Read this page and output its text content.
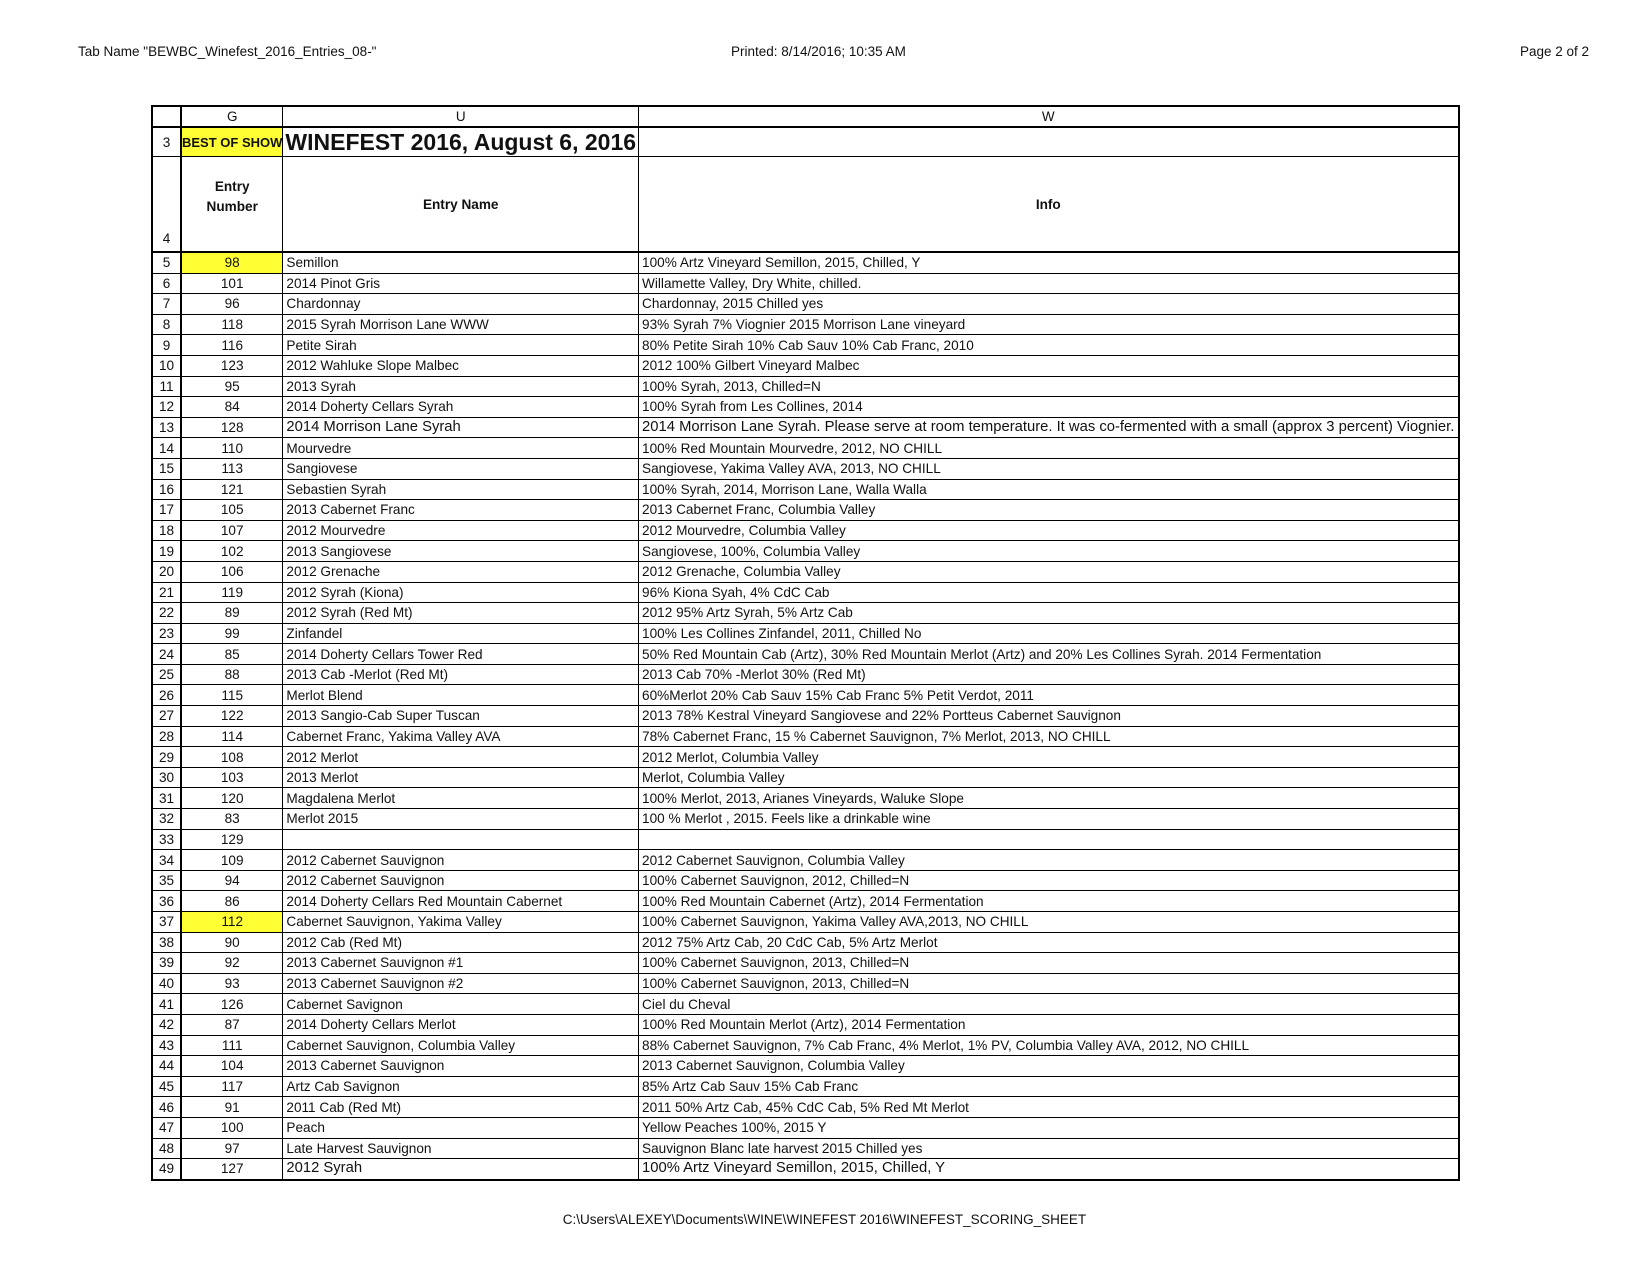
Tab Name "BEWBC_Winefest_2016_Entries_08-"	Printed: 8/14/2016; 10:35 AM	Page 2 of 2
	G	U	W
3	BEST OF SHOW	WINEFEST 2016, August 6, 2016	
4	Entry
Number	Entry Name	Info
5	98	Semillon	100% Artz Vineyard Semillon, 2015, Chilled, Y
6	101	2014 Pinot Gris	Willamette Valley, Dry White, chilled.
7	96	Chardonnay	Chardonnay, 2015 Chilled yes
8	118	2015 Syrah Morrison Lane WWW	93% Syrah 7% Viognier 2015 Morrison Lane vineyard
9	116	Petite Sirah	80% Petite Sirah 10% Cab Sauv 10% Cab Franc, 2010
10	123	2012 Wahluke Slope Malbec	2012 100% Gilbert Vineyard Malbec
11	95	2013 Syrah	100% Syrah, 2013, Chilled=N
12	84	2014 Doherty Cellars Syrah	100% Syrah from Les Collines, 2014
13	128	2014 Morrison Lane Syrah	2014 Morrison Lane Syrah. Please serve at room temperature. It was co-fermented with a small (approx 3 percent) Viognier.
14	110	Mourvedre	100% Red Mountain Mourvedre, 2012, NO CHILL
15	113	Sangiovese	Sangiovese, Yakima Valley AVA, 2013, NO CHILL
16	121	Sebastien Syrah	100% Syrah, 2014, Morrison Lane, Walla Walla
17	105	2013 Cabernet Franc	2013 Cabernet Franc, Columbia Valley
18	107	2012 Mourvedre	2012 Mourvedre, Columbia Valley
19	102	2013 Sangiovese	Sangiovese, 100%, Columbia Valley
20	106	2012 Grenache	2012 Grenache, Columbia Valley
21	119	2012 Syrah (Kiona)	96% Kiona Syah, 4% CdC Cab
22	89	2012 Syrah (Red Mt)	2012 95% Artz Syrah, 5% Artz Cab
23	99	Zinfandel	100% Les Collines Zinfandel, 2011, Chilled No
24	85	2014 Doherty Cellars Tower Red	50% Red Mountain Cab (Artz), 30% Red Mountain Merlot (Artz) and 20% Les Collines Syrah. 2014 Fermentation
25	88	2013 Cab -Merlot (Red Mt)	2013 Cab 70% -Merlot 30% (Red Mt)
26	115	Merlot Blend	60%Merlot 20% Cab Sauv 15% Cab Franc 5% Petit Verdot, 2011
27	122	2013 Sangio-Cab Super Tuscan	2013 78% Kestral Vineyard Sangiovese and 22% Portteus Cabernet Sauvignon
28	114	Cabernet Franc, Yakima Valley AVA	78% Cabernet Franc, 15 % Cabernet Sauvignon, 7% Merlot, 2013, NO CHILL
29	108	2012 Merlot	2012 Merlot, Columbia Valley
30	103	2013 Merlot	Merlot, Columbia Valley
31	120	Magdalena Merlot	100% Merlot, 2013, Arianes Vineyards, Waluke Slope
32	83	Merlot 2015	100 % Merlot , 2015. Feels like a drinkable wine
33	129		
34	109	2012 Cabernet Sauvignon	2012 Cabernet Sauvignon, Columbia Valley
35	94	2012 Cabernet Sauvignon	100% Cabernet Sauvignon, 2012, Chilled=N
36	86	2014 Doherty Cellars Red Mountain Cabernet	100% Red Mountain Cabernet (Artz), 2014 Fermentation
37	112	Cabernet Sauvignon, Yakima Valley	100% Cabernet Sauvignon, Yakima Valley AVA,2013, NO CHILL
38	90	2012 Cab (Red Mt)	2012 75% Artz Cab, 20 CdC Cab, 5% Artz Merlot
39	92	2013 Cabernet Sauvignon #1	100% Cabernet Sauvignon, 2013, Chilled=N
40	93	2013 Cabernet Sauvignon #2	100% Cabernet Sauvignon, 2013, Chilled=N
41	126	Cabernet Savignon	Ciel du Cheval
42	87	2014 Doherty Cellars Merlot	100% Red Mountain Merlot (Artz), 2014 Fermentation
43	111	Cabernet Sauvignon, Columbia Valley	88% Cabernet Sauvignon, 7% Cab Franc, 4% Merlot, 1% PV, Columbia Valley AVA, 2012, NO CHILL
44	104	2013 Cabernet Sauvignon	2013 Cabernet Sauvignon, Columbia Valley
45	117	Artz Cab Savignon	85% Artz Cab Sauv 15% Cab Franc
46	91	2011 Cab (Red Mt)	2011 50% Artz Cab, 45% CdC Cab, 5% Red Mt Merlot
47	100	Peach	Yellow Peaches 100%, 2015 Y
48	97	Late Harvest Sauvignon	Sauvignon Blanc late harvest 2015 Chilled yes
49	127	2012 Syrah	100% Artz Vineyard Semillon, 2015, Chilled, Y
C:\Users\ALEXEY\Documents\WINE\WINEFEST 2016\WINEFEST_SCORING_SHEET
